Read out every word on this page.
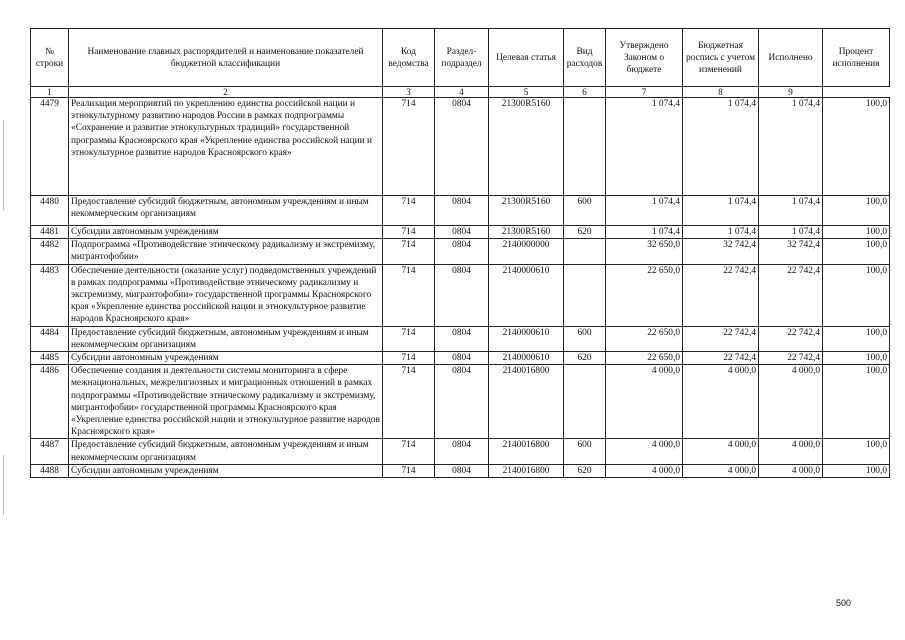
№ строки	Наименование главных распорядителей и наименование показателей бюджетной классификации	Код ведомства	Раздел-подраздел	Целевая статья	Вид расходов	Утверждено Законом о бюджете	Бюджетная роспись с учетом изменений	Исполнено	Процент исполнения
1	2	3	4	5	6	7	8	9	
4479	Реализация мероприятий по укреплению единства российской нации и этнокультурному развитию народов России в рамках подпрограммы «Сохранение и развитие этнокультурных традиций» государственной программы Красноярского края «Укрепление единства российской нации и этнокультурное развитие народов Красноярского края»	714	0804	21300R5160		1 074,4	1 074,4	1 074,4	100,0
4480	Предоставление субсидий бюджетным, автономным учреждениям и иным некоммерческим организациям	714	0804	21300R5160	600	1 074,4	1 074,4	1 074,4	100,0
4481	Субсидии автономным учреждениям	714	0804	21300R5160	620	1 074,4	1 074,4	1 074,4	100,0
4482	Подпрограмма «Противодействие этническому радикализму и экстремизму, мигрантофобии»	714	0804	2140000000		32 650,0	32 742,4	32 742,4	100,0
4483	Обеспечение деятельности (оказание услуг) подведомственных учреждений в рамках подпрограммы «Противодействие этническому радикализму и экстремизму, мигрантофобии» государственной программы Красноярского края «Укрепление единства российской нации и этнокультурное развитие народов Красноярского края»	714	0804	2140000610		22 650,0	22 742,4	22 742,4	100,0
4484	Предоставление субсидий бюджетным, автономным учреждениям и иным некоммерческим организациям	714	0804	2140000610	600	22 650,0	22 742,4	22 742,4	100,0
4485	Субсидии автономным учреждениям	714	0804	2140000610	620	22 650,0	22 742,4	22 742,4	100,0
4486	Обеспечение создания и деятельности системы мониторинга в сфере межнациональных, межрелигиозных и миграционных отношений в рамках подпрограммы «Противодействие этническому радикализму и экстремизму, мигрантофобии» государственной программы Красноярского края «Укрепление единства российской нации и этнокультурное развитие народов Красноярского края»	714	0804	2140016800		4 000,0	4 000,0	4 000,0	100,0
4487	Предоставление субсидий бюджетным, автономным учреждениям и иным некоммерческим организациям	714	0804	2140016800	600	4 000,0	4 000,0	4 000,0	100,0
4488	Субсидии автономным учреждениям	714	0804	2140016800	620	4 000,0	4 000,0	4 000,0	100,0
500
